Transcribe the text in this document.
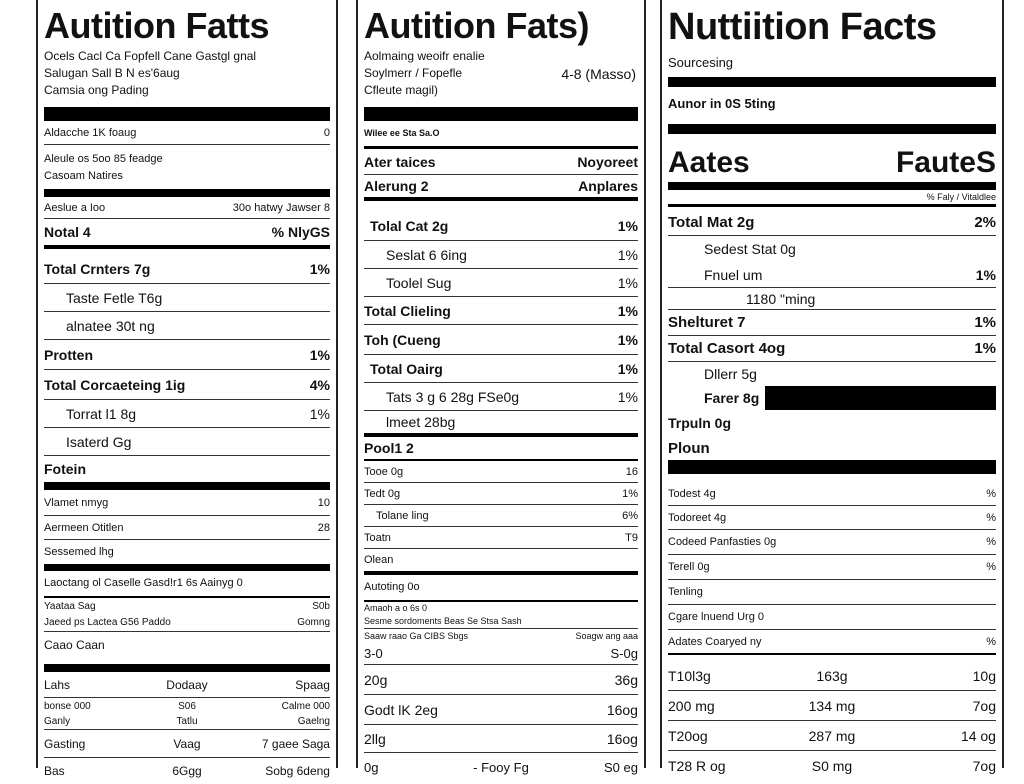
Autition Fatts
Ocels Cacl Ca Fopfell Cane Gastgl gnal
Salugan Sall B N es'6aug
Camsia ong Pading
Aldacche 1K foaug	0
Aleule os 5oo 85 feadge
Casoam Natires
Aeslue a Ioo	30o hatwy Jawser 8
Notal 4	% NlyGS
Total Crnters 7g	1%
Taste Fetle T6g
alnatee 30t ng
Protten	1%
Total Corcaeteing 1ig	4%
Torrat l1 8g	1%
Isaterd Gg
Fotein
Vlamet nmyg	10
Aermeen Otitlen	28
Sessemed lhg
Laoctang ol Caselle Gasd!r1 6s Aainyg 0
Yaataa Sag	S0b
Jaeed ps Lactea G56 Paddo	Gomng
Caao Caan
Lahs	Dodaay	Spaag
bonse 000	S06	Calme 000
Ganly	Tatlu	Gaelng
Gasting	Vaag	7 gaee Saga
Bas	6Ggg	Sobg 6deng
Autition Fats)
Aolmaing weoifr enalie
Soylmerr / Fopefle
Cfleute magil)
4-8 (Masso)
Wilee ee Sta Sa.O
Ater taices	Noyoreet
Alerung 2	Anplares
Tolal Cat 2g	1%
Seslat 6 6ing	1%
Toolel Sug	1%
Total Clieling	1%
Toh (Cueng	1%
Total Oairg	1%
Tats 3 g 6 28g FSe0g	1%
lmeet 28bg
Pool1 2
Tooe 0g	16
Tedt 0g	1%
Tolane ling	6%
Toatn	T9
Olean
Autoting 0o
Amaoh a o 6s 0
Sesme sordoments Beas Se Stsa Sash
Saaw raao Ga CIBS Sbgs	Soagw ang aaa
3-0	S-0g
20g	36g
Godt lK 2eg	16og
2llg	16og
0g	- Fooy Fg	S0 eg
Nuttiition Facts
Sourcesing
Aunor in 0S 5ting
Aates	FauteS
% Faly / Vitaldlee
Total Mat 2g	2%
Sedest Stat 0g
Fnuel um	1%
1180 "ming
Shelturet 7	1%
Total Casort 4og	1%
Dllerr 5g
Farer 8g
Trpuln 0g
Ploun
Todest 4g	%
Todoreet 4g	%
Codeed Panfasties 0g	%
Terell 0g	%
Tenling
Cgare lnuend Urg 0
Adates Coaryed ny	%
T10l3g	163g	10g
200 mg	134 mg	7og
T20og	287 mg	14 og
T28 R og	S0 mg	7og
